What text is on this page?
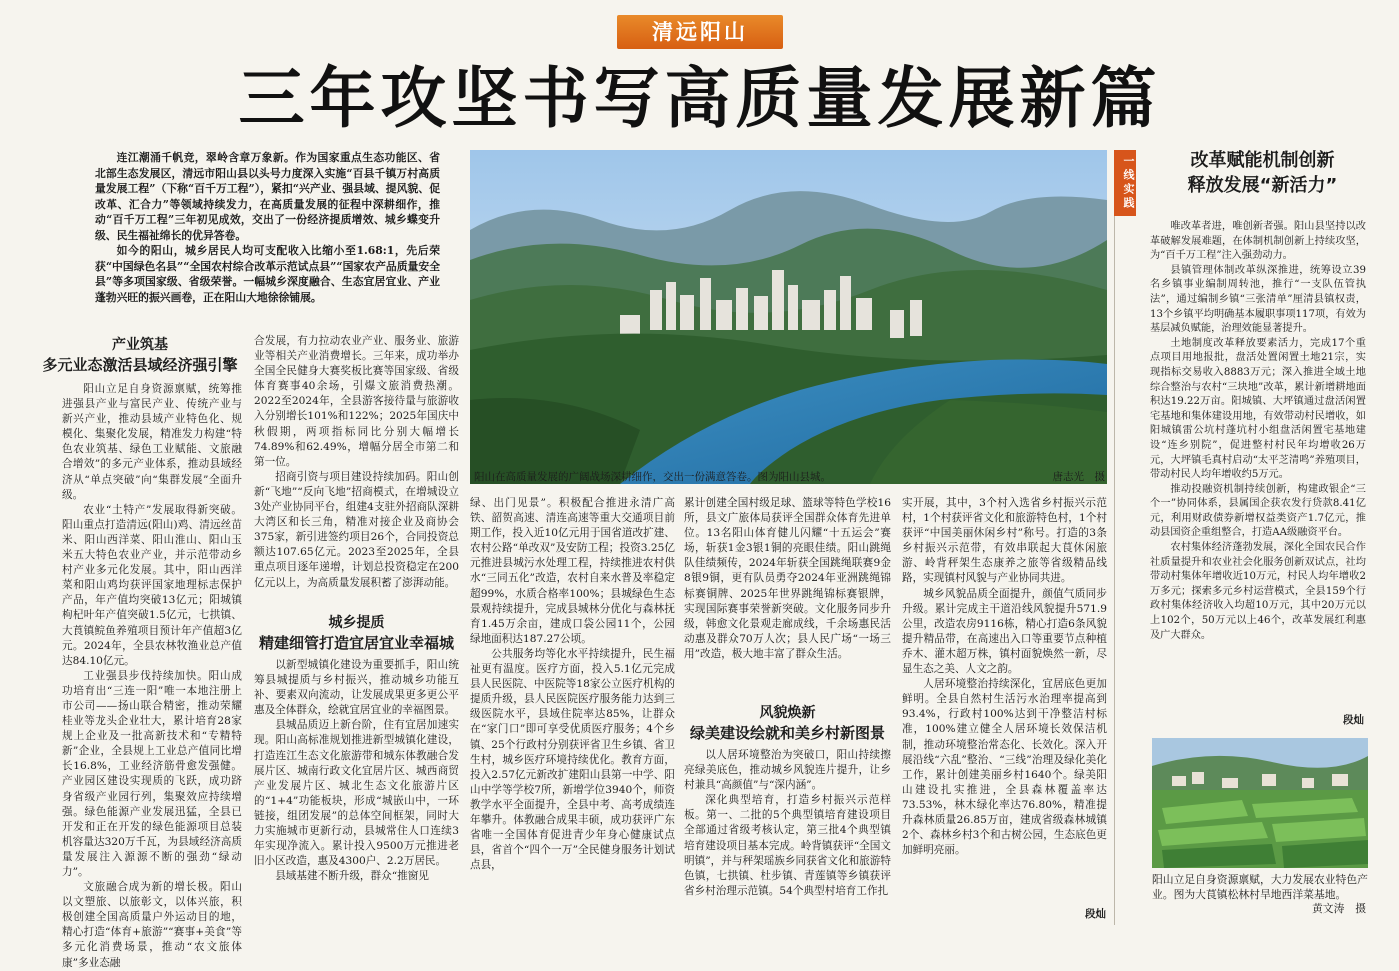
清远阳山
三年攻坚书写高质量发展新篇

连江潮涌千帆竞，翠岭含章万象新。作为国家重点生态功能区、省北部生态发展区，清远市阳山县以头号力度深入实施“百县千镇万村高质量发展工程”（下称“百千万工程”），紧扣“兴产业、强县域、提风貌、促改革、汇合力”等领域持续发力，在高质量发展的征程中深耕细作，推动“百千万工程”三年初见成效，交出了一份经济提质增效、城乡蝶变升级、民生福祉绵长的优异答卷。

如今的阳山，城乡居民人均可支配收入比缩小至1.68:1，先后荣获“中国绿色名县”“全国农村综合改革示范试点县”“国家农产品质量安全县”等多项国家级、省级荣誉。一幅城乡深度融合、生态宜居宜业、产业蓬勃兴旺的振兴画卷，正在阳山大地徐徐铺展。

产业筑基
多元业态激活县域经济强引擎

阳山立足自身资源禀赋，统筹推进强县产业与富民产业、传统产业与新兴产业，推动县域产业特色化、规模化、集聚化发展，精准发力构建“特色农业筑基、绿色工业赋能、文旅融合增效”的多元产业体系，推动县域经济从“单点突破”向“集群发展”全面升级。

农业“土特产”发展取得新突破。阳山重点打造清远(阳山)鸡、清远丝苗米、阳山西洋菜、阳山淮山、阳山玉米五大特色农业产业，并示范带动乡村产业多元化发展。其中，阳山西洋菜和阳山鸡均获评国家地理标志保护产品，年产值均突破13亿元；阳城镇枸杞叶年产值突破1.5亿元，七拱镇、大莨镇鲩鱼养殖项目预计年产值超3亿元。2024年，全县农林牧渔业总产值达84.10亿元。

工业强县步伐持续加快。阳山成功培育出“三连一阳”唯一本地注册上市公司——扬山联合精密，推动荣耀桂业等龙头企业壮大，累计培育28家规上企业及一批高新技术和“专精特新”企业，全县规上工业总产值同比增长16.8%，工业经济筋骨愈发强健。产业园区建设实现质的飞跃，成功跻身省级产业园行列，集聚效应持续增强。绿色能源产业发展迅猛，全县已开发和正在开发的绿色能源项目总装机容量达320万千瓦，为县域经济高质量发展注入源源不断的强劲“绿动力”。

文旅融合成为新的增长极。阳山以文塑旅、以旅彰文，以体兴旅，积极创建全国高质量户外运动目的地，精心打造“体育+旅游”“赛事+美食”等多元化消费场景，推动“农文旅体康”多业态融

合发展，有力拉动农业产业、服务业、旅游业等相关产业消费增长。三年来，成功举办全国全民健身大赛奖板比赛等国家级、省级体育赛事40余场，引爆文旅消费热潮。2022至2024年，全县游客接待量与旅游收入分别增长101%和122%；2025年国庆中秋假期，两项指标同比分别大幅增长74.89%和62.49%，增幅分居全市第二和第一位。

招商引资与项目建设持续加码。阳山创新“飞地”“反向飞地”招商模式，在增城设立3处产业协同平台，组建4支驻外招商队深耕大湾区和长三角，精准对接企业及商协会375家，新引进签约项目26个，合同投资总额达107.65亿元。2023至2025年，全县重点项目逐年递增，计划总投资稳定在200亿元以上，为高质量发展积蓄了澎湃动能。

城乡提质
精建细管打造宜居宜业幸福城

以新型城镇化建设为重要抓手，阳山统筹县城提质与乡村振兴，推动城乡功能互补、要素双向流动，让发展成果更多更公平惠及全体群众，绘就宜居宜业的幸福图景。

县城品质迈上新台阶，住有宜居加速实现。阳山高标准规划推进新型城镇化建设，打造连江生态文化旅游带和城东体教融合发展片区、城南行政文化宜居片区、城西商贸产业发展片区、城北生态文化旅游片区的“1+4”功能板块，形成“城嵌山中，一环链接，组团发展”的总体空间框架，同时大力实施城市更新行动，县城常住人口连续3年实现净流入。累计投入9500万元推进老旧小区改造，惠及4300户、2.2万居民。

县域基建不断升级，群众“推窗见

阳山在高质量发展的广阔战场深耕细作，交出一份满意答卷。图为阳山县城。	唐志光　摄

绿、出门见景”。积极配合推进永清广高铁、韶贺高速、清连高速等重大交通项目前期工作，投入近10亿元用于国省道改扩建、农村公路“单改双”及安防工程；投资3.25亿元推进县城污水处理工程，持续推进农村供水“三同五化”改造，农村自来水普及率稳定超99%，水质合格率100%；县城绿色生态景观持续提升，完成县城林分优化与森林抚育1.45万余亩，建成口袋公园11个，公园绿地面积达187.27公顷。

公共服务均等化水平持续提升，民生福祉更有温度。医疗方面，投入5.1亿元完成县人民医院、中医院等18家公立医疗机构的提质升级，县人民医院医疗服务能力达到三级医院水平，县域住院率达85%，让群众在“家门口”即可享受优质医疗服务；4个乡镇、25个行政村分别获评省卫生乡镇、省卫生村，城乡医疗环境持续优化。教育方面，投入2.57亿元新改扩建阳山县第一中学、阳山中学等学校7所，新增学位3940个，师资教学水平全面提升，全县中考、高考成绩连年攀升。体教融合成果丰硕，成功获评广东省唯一全国体育促进青少年身心健康试点县，省首个“四个一万”全民健身服务计划试点县，

累计创建全国村级足球、篮球等特色学校16所，县文广旅体局获评全国群众体育先进单位。13名阳山体育健儿闪耀“十五运会”赛场，斩获1金3银1铜的亮眼佳绩。阳山跳绳队佳绩频传，2024年斩获全国跳绳联赛9金8银9铜，更有队员勇夺2024年亚洲跳绳锦标赛铜牌、2025年世界跳绳锦标赛银牌，实现国际赛事荣誉新突破。文化服务同步升级，韩愈文化景观走廊成线，千余场惠民活动惠及群众70万人次；县人民广场“一场三用”改造，极大地丰富了群众生活。

风貌焕新
绿美建设绘就和美乡村新图景

以人居环境整治为突破口，阳山持续擦亮绿美底色，推动城乡风貌连片提升，让乡村兼具“高颜值”与“深内涵”。

深化典型培育，打造乡村振兴示范样板。第一、二批的5个典型镇培育建设项目全部通过省级考核认定，第三批4个典型镇培育建设项目基本完成。岭背镇获评“全国文明镇”，并与秤架瑶族乡同获省文化和旅游特色镇，七拱镇、杜步镇、青莲镇等乡镇获评省乡村治理示范镇。54个典型村培育工作扎

实开展，其中，3个村入选省乡村振兴示范村，1个村获评省文化和旅游特色村，1个村获评“中国美丽休闲乡村”称号。打造的3条乡村振兴示范带，有效串联起大茛休闲旅游、岭背秤架生态康养之旅等省级精品线路，实现镇村风貌与产业协同共进。

城乡风貌品质全面提升，颜值气质同步升级。累计完成主干道沿线风貌提升571.9公里，改造农房9116栋，精心打造6条风貌提升精品带，在高速出入口等重要节点种植乔木、灌木超万株，镇村面貌焕然一新，尽显生态之美、人文之韵。

人居环境整治持续深化，宜居底色更加鲜明。全县自然村生活污水治理率提高到93.4%，行政村100%达到干净整洁村标准，100%建立健全人居环境长效保洁机制，推动环境整治常态化、长效化。深入开展沿线“六乱”整治、“三线”治理及绿化美化工作，累计创建美丽乡村1640个。绿美阳山建设扎实推进，全县森林覆盖率达73.53%，林木绿化率达76.80%，精准提升森林质量26.85万亩，建成省级森林城镇2个、森林乡村3个和古树公园，生态底色更加鲜明亮丽。

段灿
一线实践	改革赋能机制创新
释放发展“新活力”

唯改革者进，唯创新者强。阳山县坚持以改革破解发展难题，在体制机制创新上持续攻坚，为“百千万工程”注入强劲动力。

县镇管理体制改革纵深推进，统筹设立39名乡镇事业编制周转池，推行“一支队伍管执法”，通过编制乡镇“三张清单”厘清县镇权责，13个乡镇平均明确基本履职事项117项，有效为基层减负赋能，治理效能显著提升。

土地制度改革释放要素活力，完成17个重点项目用地报批，盘活处置闲置土地21宗，实现指标交易收入8883万元；深入推进全域土地综合整治与农村“三块地”改革，累计新增耕地面积达19.22万亩。阳城镇、大坪镇通过盘活闲置宅基地和集体建设用地，有效带动村民增收，如阳城镇雷公坑村蓬坑村小组盘活闲置宅基地建设“连乡别院”，促进整村村民年均增收26万元，大坪镇毛真村启动“太平芝清鸣”养殖项目，带动村民人均年增收约5万元。

推动投融资机制持续创新，构建政银企“三个一”协同体系，县属国企获农发行贷款8.41亿元，利用财政债券新增权益类资产1.7亿元，推动县国资企重组整合，打造AA级融资平台。

农村集体经济蓬勃发展，深化全国农民合作社质量提升和农业社会化服务创新双试点，社均带动村集体年增收近10万元，村民人均年增收2万多元；探索多元乡村运营模式，全县159个行政村集体经济收入均超10万元，其中20万元以上102个，50万元以上46个，改革发展红利惠及广大群众。

段灿
阳山立足自身资源禀赋，大力发展农业特色产业。图为大茛镇松林村旱地西洋菜基地。
黄文涛　摄
